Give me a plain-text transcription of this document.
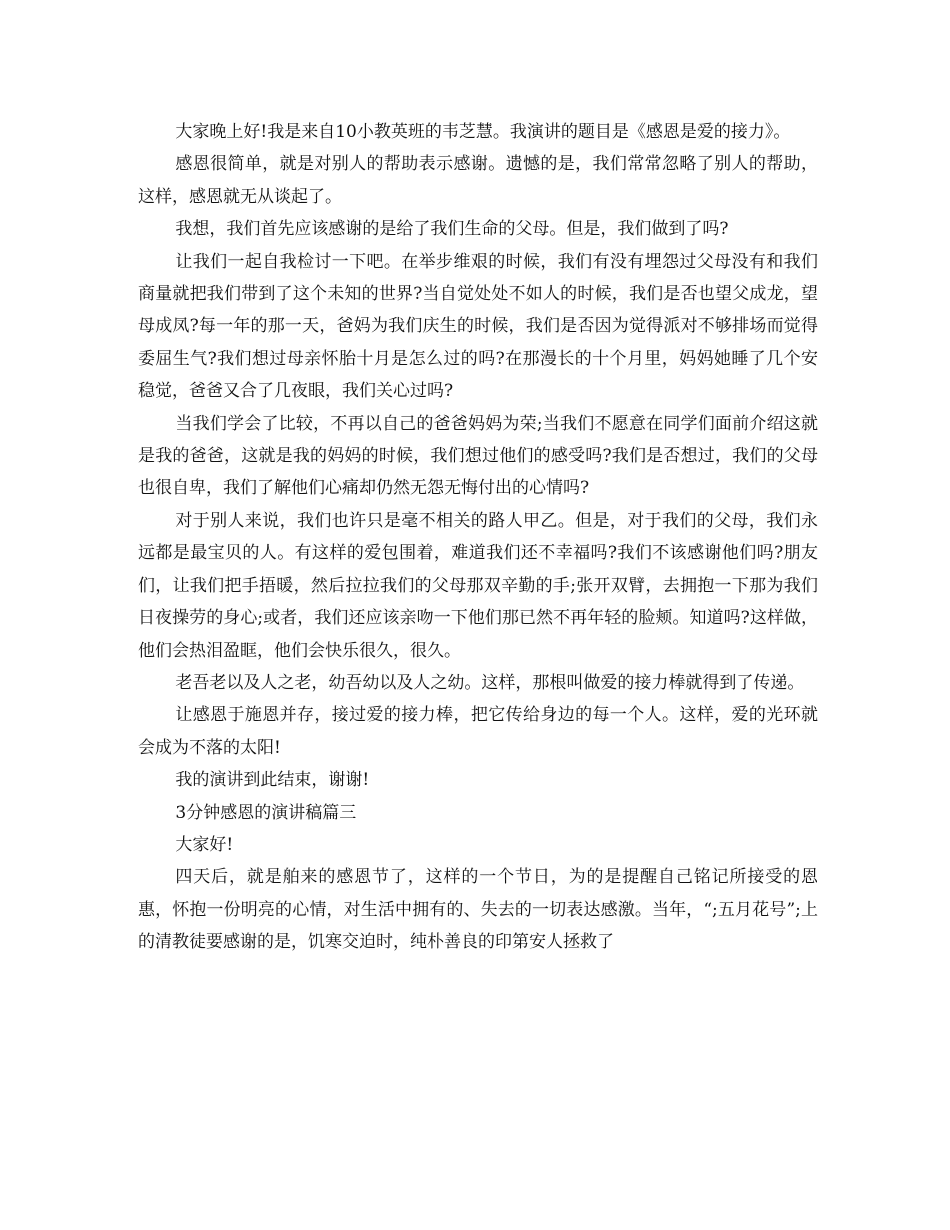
大家晚上好!我是来自10小教英班的韦芝慧。我演讲的题目是《感恩是爱的接力》。

感恩很简单，就是对别人的帮助表示感谢。遗憾的是，我们常常忽略了别人的帮助，这样，感恩就无从谈起了。

我想，我们首先应该感谢的是给了我们生命的父母。但是，我们做到了吗?

让我们一起自我检讨一下吧。在举步维艰的时候，我们有没有埋怨过父母没有和我们商量就把我们带到了这个未知的世界?当自觉处处不如人的时候，我们是否也望父成龙，望母成凤?每一年的那一天，爸妈为我们庆生的时候，我们是否因为觉得派对不够排场而觉得委屈生气?我们想过母亲怀胎十月是怎么过的吗?在那漫长的十个月里，妈妈她睡了几个安稳觉，爸爸又合了几夜眼，我们关心过吗?

当我们学会了比较，不再以自己的爸爸妈妈为荣;当我们不愿意在同学们面前介绍这就是我的爸爸，这就是我的妈妈的时候，我们想过他们的感受吗?我们是否想过，我们的父母也很自卑，我们了解他们心痛却仍然无怨无悔付出的心情吗?

对于别人来说，我们也许只是毫不相关的路人甲乙。但是，对于我们的父母，我们永远都是最宝贝的人。有这样的爱包围着，难道我们还不幸福吗?我们不该感谢他们吗?朋友们，让我们把手捂暖，然后拉拉我们的父母那双辛勤的手;张开双臂，去拥抱一下那为我们日夜操劳的身心;或者，我们还应该亲吻一下他们那已然不再年轻的脸颊。知道吗?这样做，他们会热泪盈眶，他们会快乐很久，很久。

老吾老以及人之老，幼吾幼以及人之幼。这样，那根叫做爱的接力棒就得到了传递。

让感恩于施恩并存，接过爱的接力棒，把它传给身边的每一个人。这样，爱的光环就会成为不落的太阳!

我的演讲到此结束，谢谢!

3分钟感恩的演讲稿篇三

大家好!

四天后，就是舶来的感恩节了，这样的一个节日，为的是提醒自己铭记所接受的恩惠，怀抱一份明亮的心情，对生活中拥有的、失去的一切表达感激。当年，“;五月花号”;上的清教徒要感谢的是，饥寒交迫时，纯朴善良的印第安人拯救了
